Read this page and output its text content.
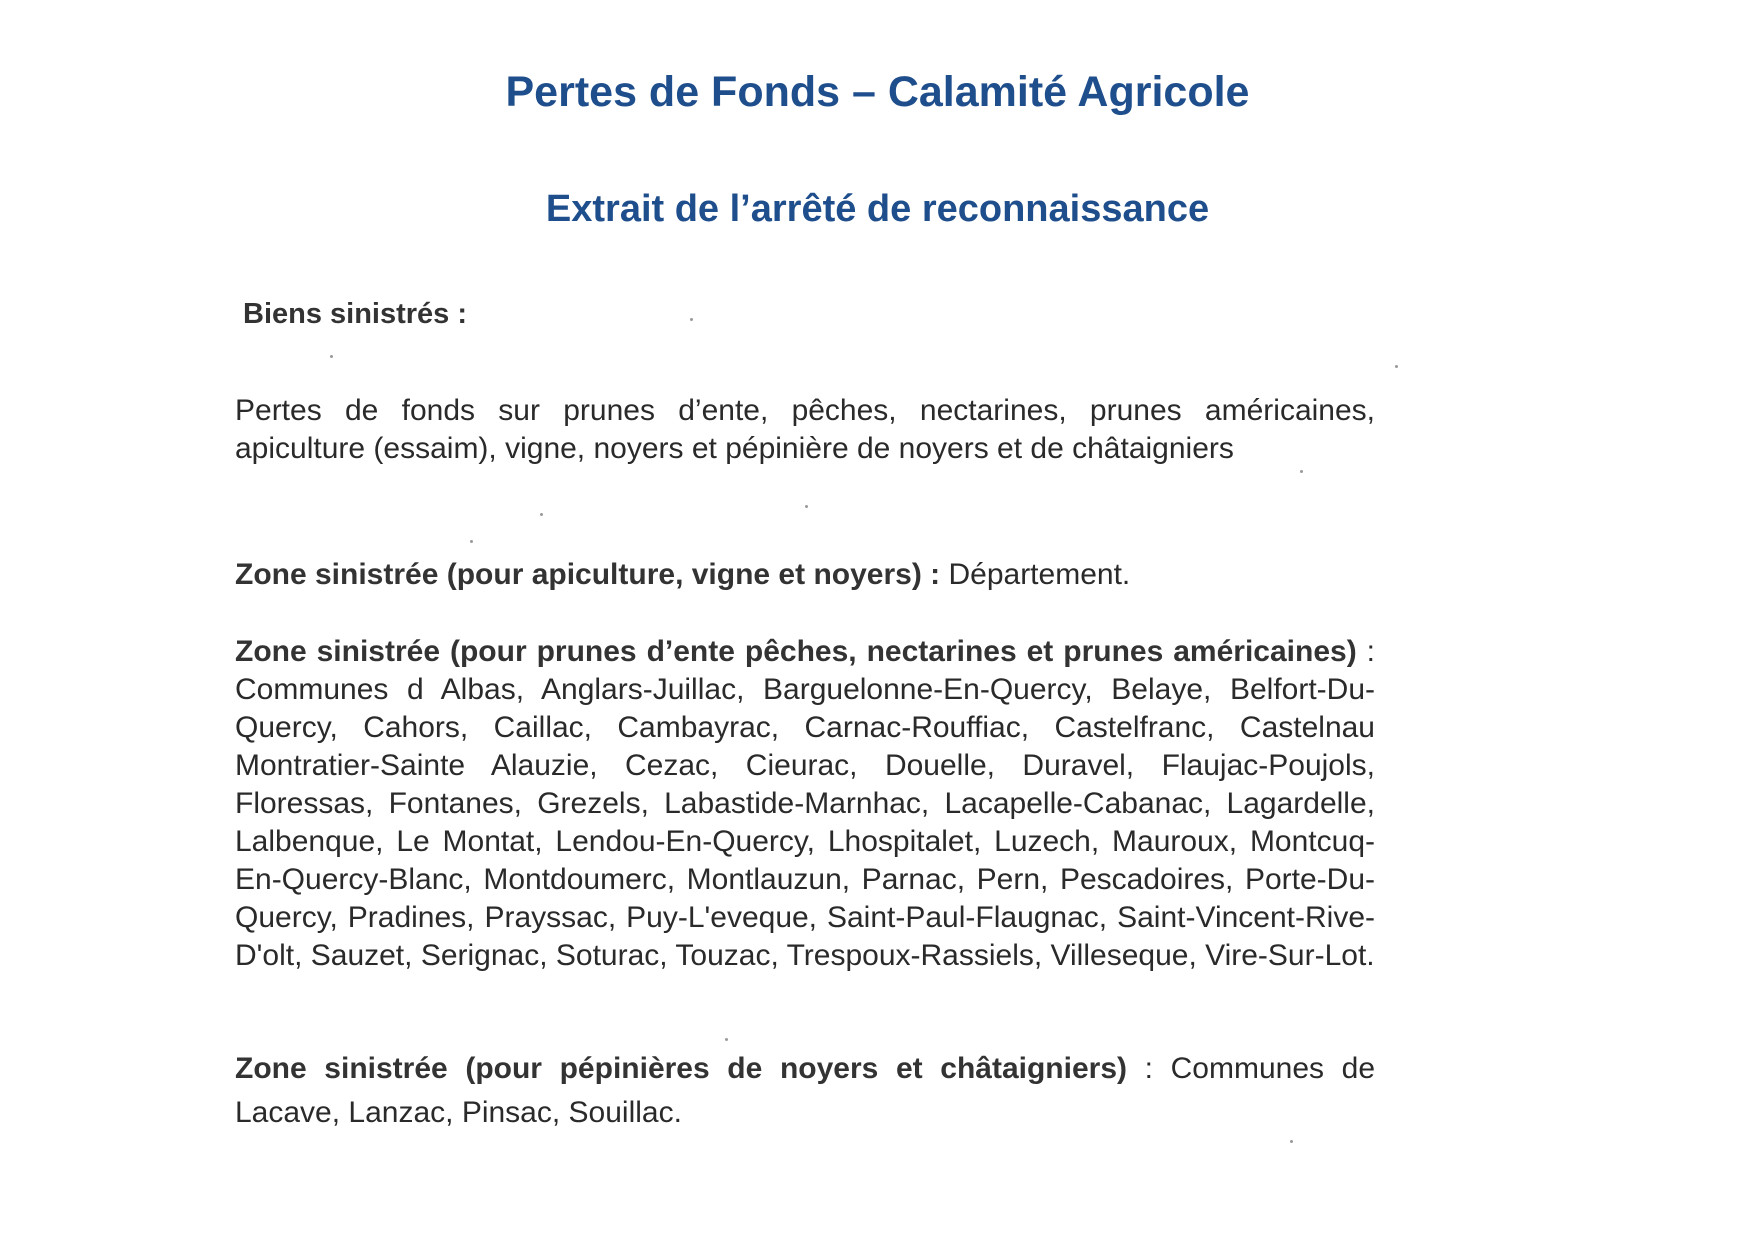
Pertes de Fonds – Calamité Agricole
Extrait de l’arrêté de reconnaissance

Biens sinistrés :

Pertes de fonds sur prunes d’ente, pêches, nectarines, prunes américaines, apiculture (essaim), vigne, noyers et pépinière de noyers et de châtaigniers

Zone sinistrée (pour apiculture, vigne et noyers) : Département.

Zone sinistrée (pour prunes d’ente pêches, nectarines et prunes américaines) : Communes d Albas, Anglars-Juillac, Barguelonne-En-Quercy, Belaye, Belfort-Du-Quercy, Cahors, Caillac, Cambayrac, Carnac-Rouffiac, Castelfranc, Castelnau Montratier-Sainte Alauzie, Cezac, Cieurac, Douelle, Duravel, Flaujac-Poujols, Floressas, Fontanes, Grezels, Labastide-Marnhac, Lacapelle-Cabanac, Lagardelle, Lalbenque, Le Montat, Lendou-En-Quercy, Lhospitalet, Luzech, Mauroux, Montcuq-En-Quercy-Blanc, Montdoumerc, Montlauzun, Parnac, Pern, Pescadoires, Porte-Du-Quercy, Pradines, Prayssac, Puy-L'eveque, Saint-Paul-Flaugnac, Saint-Vincent-Rive-D'olt, Sauzet, Serignac, Soturac, Touzac, Trespoux-Rassiels, Villeseque, Vire-Sur-Lot.

Zone sinistrée (pour pépinières de noyers et châtaigniers) : Communes de Lacave, Lanzac, Pinsac, Souillac.
